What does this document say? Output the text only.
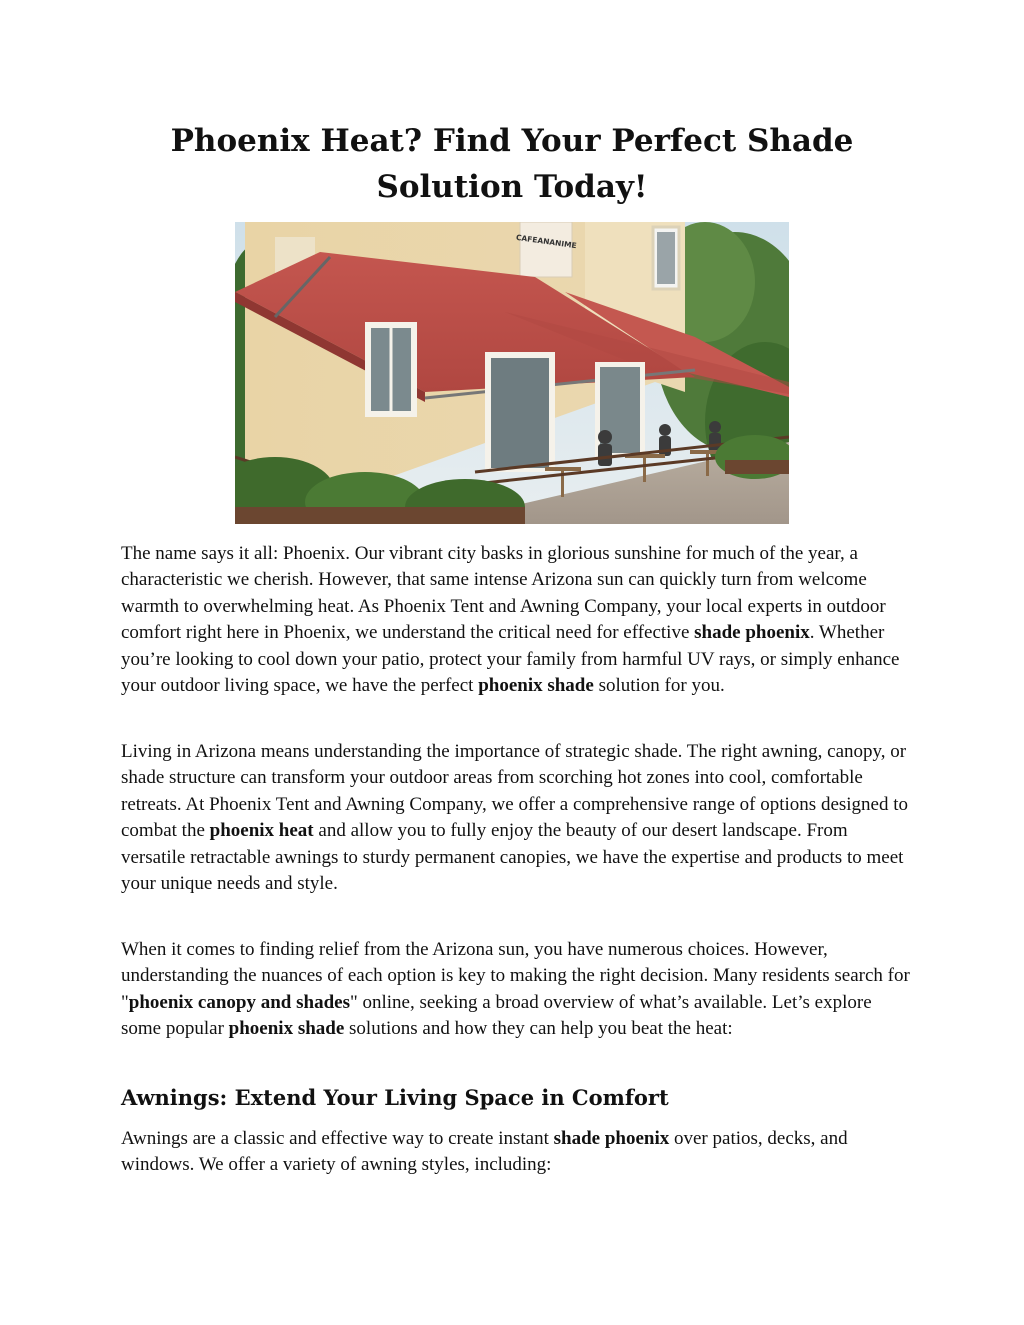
Phoenix Heat? Find Your Perfect Shade
Solution Today!
CAFEANANIME

The name says it all: Phoenix. Our vibrant city basks in glorious sunshine for much of the year, a characteristic we cherish. However, that same intense Arizona sun can quickly turn from welcome warmth to overwhelming heat. As Phoenix Tent and Awning Company, your local experts in outdoor comfort right here in Phoenix, we understand the critical need for effective shade phoenix. Whether you’re looking to cool down your patio, protect your family from harmful UV rays, or simply enhance your outdoor living space, we have the perfect phoenix shade solution for you.

Living in Arizona means understanding the importance of strategic shade. The right awning, canopy, or shade structure can transform your outdoor areas from scorching hot zones into cool, comfortable retreats. At Phoenix Tent and Awning Company, we offer a comprehensive range of options designed to combat the phoenix heat and allow you to fully enjoy the beauty of our desert landscape. From versatile retractable awnings to sturdy permanent canopies, we have the expertise and products to meet your unique needs and style.

When it comes to finding relief from the Arizona sun, you have numerous choices. However, understanding the nuances of each option is key to making the right decision. Many residents search for "phoenix canopy and shades" online, seeking a broad overview of what’s available. Let’s explore some popular phoenix shade solutions and how they can help you beat the heat:

Awnings: Extend Your Living Space in Comfort

Awnings are a classic and effective way to create instant shade phoenix over patios, decks, and windows. We offer a variety of awning styles, including:
